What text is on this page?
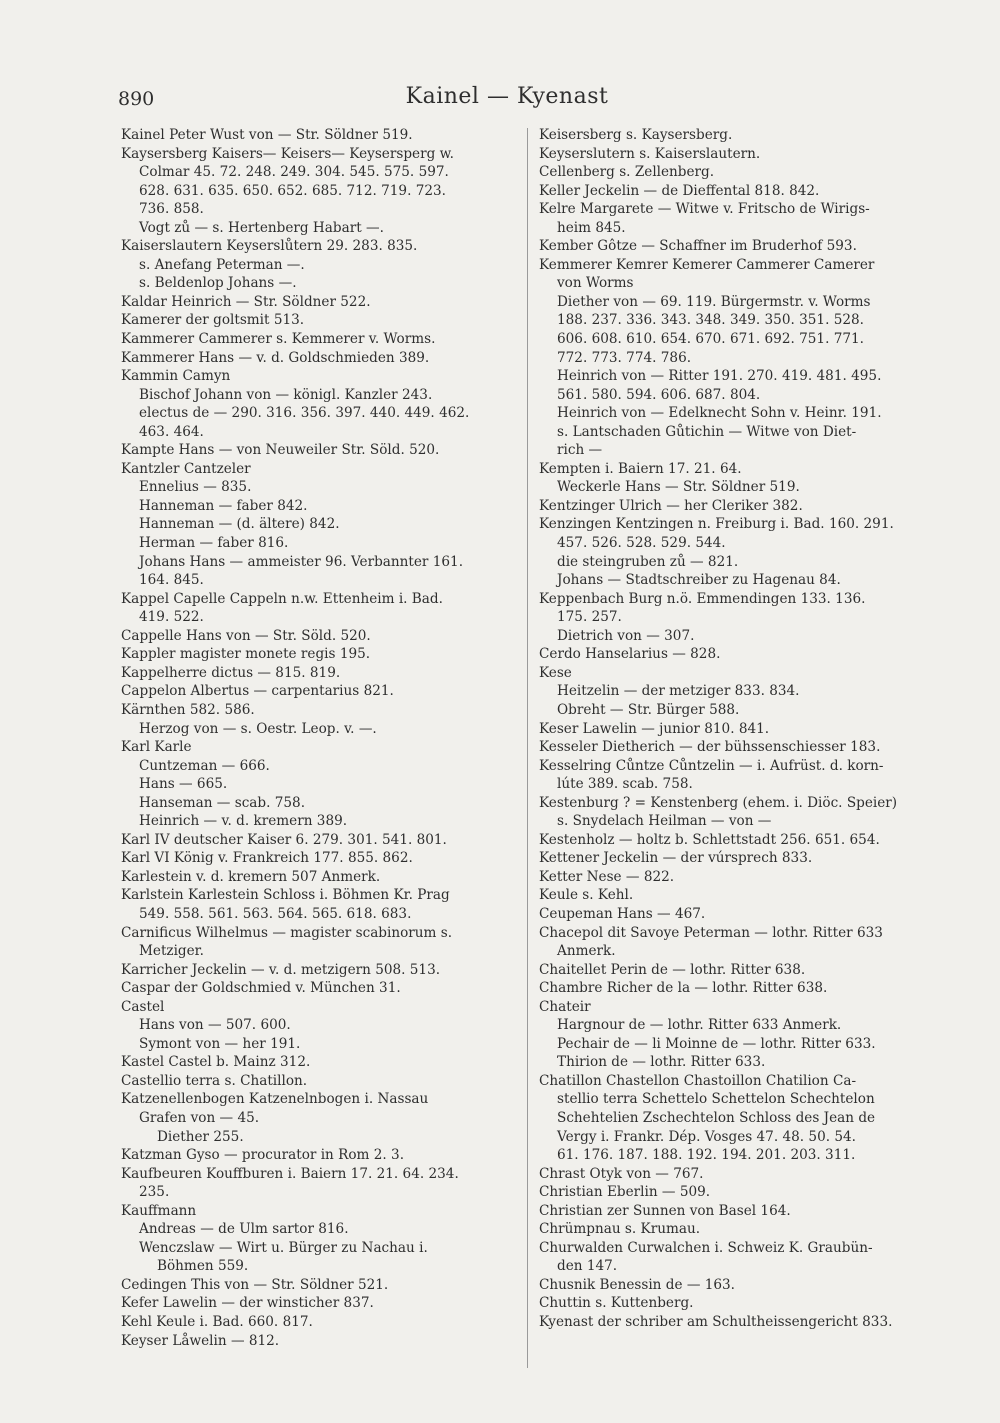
890	Kainel — Kyenast
Kainel Peter Wust von — Str. Söldner 519.
Kaysersberg Kaisers— Keisers— Keysersperg w.
Colmar 45. 72. 248. 249. 304. 545. 575. 597.
628. 631. 635. 650. 652. 685. 712. 719. 723.
736. 858.
Vogt zů — s. Hertenberg Habart —.
Kaiserslautern Keyserslůtern 29. 283. 835.
s. Anefang Peterman —.
s. Beldenlop Johans —.
Kaldar Heinrich — Str. Söldner 522.
Kamerer der goltsmit 513.
Kammerer Cammerer s. Kemmerer v. Worms.
Kammerer Hans — v. d. Goldschmieden 389.
Kammin Camyn
Bischof Johann von — königl. Kanzler 243.
electus de — 290. 316. 356. 397. 440. 449. 462.
463. 464.
Kampte Hans — von Neuweiler Str. Söld. 520.
Kantzler Cantzeler
Ennelius — 835.
Hanneman — faber 842.
Hanneman — (d. ältere) 842.
Herman — faber 816.
Johans Hans — ammeister 96. Verbannter 161.
164. 845.
Kappel Capelle Cappeln n.w. Ettenheim i. Bad.
419. 522.
Cappelle Hans von — Str. Söld. 520.
Kappler magister monete regis 195.
Kappelherre dictus — 815. 819.
Cappelon Albertus — carpentarius 821.
Kärnthen 582. 586.
Herzog von — s. Oestr. Leop. v. —.
Karl Karle
Cuntzeman — 666.
Hans — 665.
Hanseman — scab. 758.
Heinrich — v. d. kremern 389.
Karl IV deutscher Kaiser 6. 279. 301. 541. 801.
Karl VI König v. Frankreich 177. 855. 862.
Karlestein v. d. kremern 507 Anmerk.
Karlstein Karlestein Schloss i. Böhmen Kr. Prag
549. 558. 561. 563. 564. 565. 618. 683.
Carnificus Wilhelmus — magister scabinorum s.
Metziger.
Karricher Jeckelin — v. d. metzigern 508. 513.
Caspar der Goldschmied v. München 31.
Castel
Hans von — 507. 600.
Symont von — her 191.
Kastel Castel b. Mainz 312.
Castellio terra s. Chatillon.
Katzenellenbogen Katzenelnbogen i. Nassau
Grafen von — 45.
Diether 255.
Katzman Gyso — procurator in Rom 2. 3.
Kaufbeuren Kouffburen i. Baiern 17. 21. 64. 234.
235.
Kauffmann
Andreas — de Ulm sartor 816.
Wenczslaw — Wirt u. Bürger zu Nachau i.
Böhmen 559.
Cedingen This von — Str. Söldner 521.
Kefer Lawelin — der winsticher 837.
Kehl Keule i. Bad. 660. 817.
Keyser Låwelin — 812.
Keisersberg s. Kaysersberg.
Keyserslutern s. Kaiserslautern.
Cellenberg s. Zellenberg.
Keller Jeckelin — de Dieffental 818. 842.
Kelre Margarete — Witwe v. Fritscho de Wirigs-
heim 845.
Kember Gôtze — Schaffner im Bruderhof 593.
Kemmerer Kemrer Kemerer Cammerer Camerer
von Worms
Diether von — 69. 119. Bürgermstr. v. Worms
188. 237. 336. 343. 348. 349. 350. 351. 528.
606. 608. 610. 654. 670. 671. 692. 751. 771.
772. 773. 774. 786.
Heinrich von — Ritter 191. 270. 419. 481. 495.
561. 580. 594. 606. 687. 804.
Heinrich von — Edelknecht Sohn v. Heinr. 191.
s. Lantschaden Gůtichin — Witwe von Diet-
rich —
Kempten i. Baiern 17. 21. 64.
Weckerle Hans — Str. Söldner 519.
Kentzinger Ulrich — her Cleriker 382.
Kenzingen Kentzingen n. Freiburg i. Bad. 160. 291.
457. 526. 528. 529. 544.
die steingruben zů — 821.
Johans — Stadtschreiber zu Hagenau 84.
Keppenbach Burg n.ö. Emmendingen 133. 136.
175. 257.
Dietrich von — 307.
Cerdo Hanselarius — 828.
Kese
Heitzelin — der metziger 833. 834.
Obreht — Str. Bürger 588.
Keser Lawelin — junior 810. 841.
Kesseler Dietherich — der bühssenschiesser 183.
Kesselring Cůntze Cůntzelin — i. Aufrüst. d. korn-
lúte 389. scab. 758.
Kestenburg ? = Kenstenberg (ehem. i. Diöc. Speier)
s. Snydelach Heilman — von —
Kestenholz — holtz b. Schlettstadt 256. 651. 654.
Kettener Jeckelin — der vúrsprech 833.
Ketter Nese — 822.
Keule s. Kehl.
Ceupeman Hans — 467.
Chacepol dit Savoye Peterman — lothr. Ritter 633
Anmerk.
Chaitellet Perin de — lothr. Ritter 638.
Chambre Richer de la — lothr. Ritter 638.
Chateir
Hargnour de — lothr. Ritter 633 Anmerk.
Pechair de — li Moinne de — lothr. Ritter 633.
Thirion de — lothr. Ritter 633.
Chatillon Chastellon Chastoillon Chatilion Ca-
stellio terra Schettelo Schettelon Schechtelon
Schehtelien Zschechtelon Schloss des Jean de
Vergy i. Frankr. Dép. Vosges 47. 48. 50. 54.
61. 176. 187. 188. 192. 194. 201. 203. 311.
Chrast Otyk von — 767.
Christian Eberlin — 509.
Christian zer Sunnen von Basel 164.
Chrümpnau s. Krumau.
Churwalden Curwalchen i. Schweiz K. Graubün-
den 147.
Chusnik Benessin de — 163.
Chuttin s. Kuttenberg.
Kyenast der schriber am Schultheissengericht 833.
